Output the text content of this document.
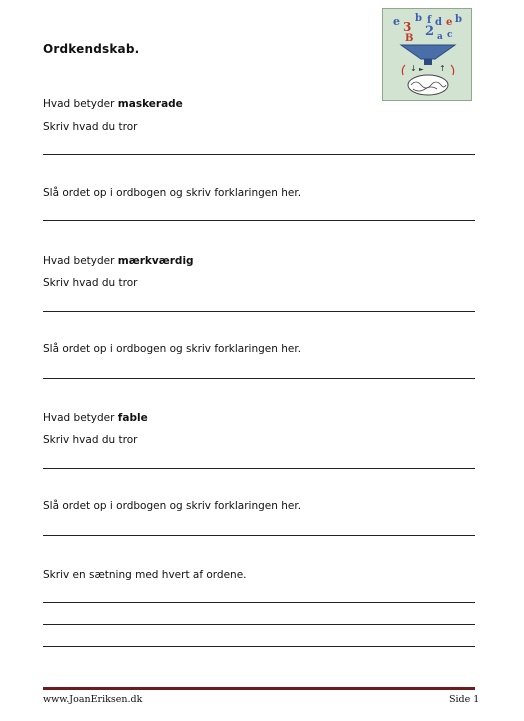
e 3
b f d e b
2
B	a c
↓ ► ↑
Ordkendskab.
Hvad betyder maskerade
Skriv hvad du tror
Slå ordet op i ordbogen og skriv forklaringen her.
Hvad betyder mærkværdig
Skriv hvad du tror
Slå ordet op i ordbogen og skriv forklaringen her.
Hvad betyder fable
Skriv hvad du tror
Slå ordet op i ordbogen og skriv forklaringen her.
Skriv en sætning med hvert af ordene.
www.JoanEriksen.dk	Side 1
